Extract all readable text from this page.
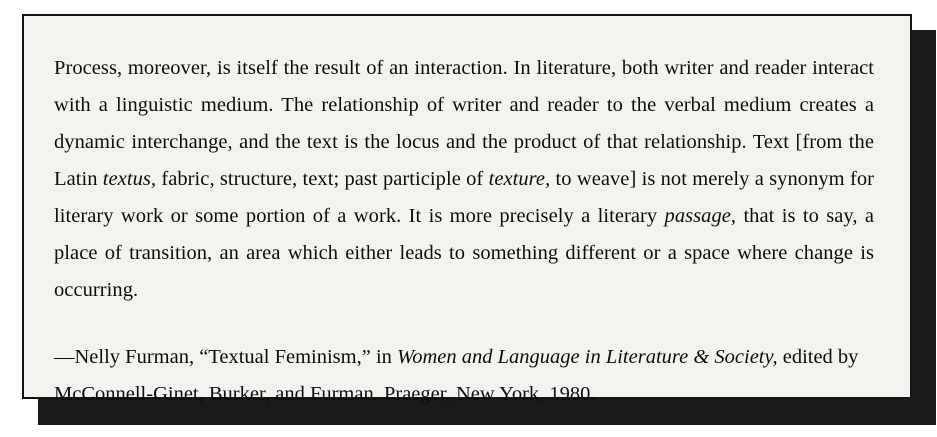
Process, moreover, is itself the result of an interaction. In literature, both writer and reader interact with a linguistic medium. The relationship of writer and reader to the verbal medium creates a dynamic interchange, and the text is the locus and the product of that relationship. Text [from the Latin textus, fabric, structure, text; past participle of texture, to weave] is not merely a synonym for literary work or some portion of a work. It is more precisely a literary passage, that is to say, a place of transition, an area which either leads to something different or a space where change is occurring.

—Nelly Furman, “Textual Feminism,” in Women and Language in Literature & Society, edited by McConnell-Ginet, Burker, and Furman. Praeger, New York, 1980.
